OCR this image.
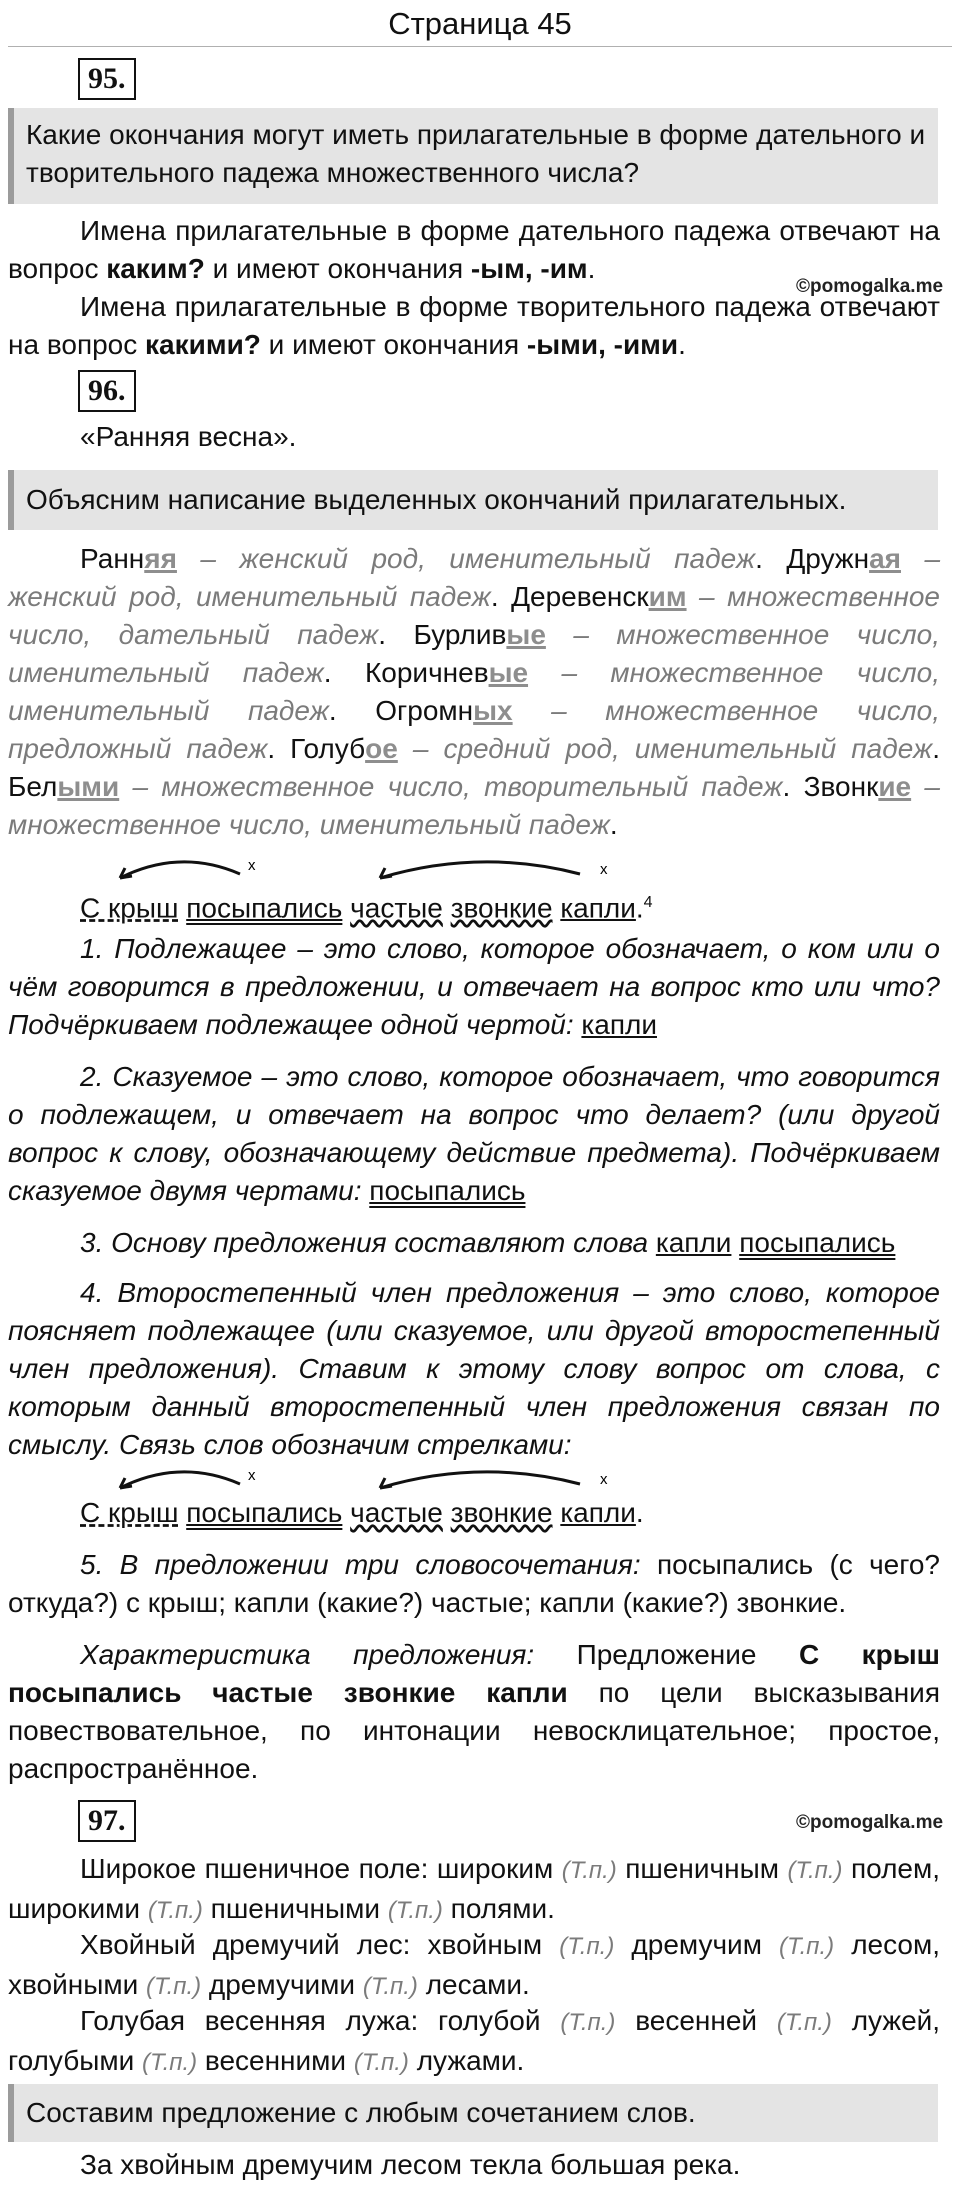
Страница 45
95.
Какие окончания могут иметь прилагательные в форме дательного и творительного падежа множественного числа?
Имена прилагательные в форме дательного падежа отвечают на вопрос каким? и имеют окончания -ым, -им.
©pomogalka.me
Имена прилагательные в форме творительного падежа отвечают на вопрос какими? и имеют окончания -ыми, -ими.
96.
«Ранняя весна».
Объясним написание выделенных окончаний прилагательных.
Ранняя – женский род, именительный падеж. Дружная – женский род, именительный падеж. Деревенским – множественное число, дательный падеж. Бурливые – множественное число, именительный падеж. Коричневые – множественное число, именительный падеж. Огромных – множественное число, предложный падеж. Голубое – средний род, именительный падеж. Белыми – множественное число, творительный падеж. Звонкие – множественное число, именительный падеж.
x	x
С крыш посыпались частые звонкие капли.$^4$
1. Подлежащее – это слово, которое обозначает, о ком или о чём говорится в предложении, и отвечает на вопрос кто или что? Подчёркиваем подлежащее одной чертой: капли
2. Сказуемое – это слово, которое обозначает, что говорится о подлежащем, и отвечает на вопрос что делает? (или другой вопрос к слову, обозначающему действие предмета). Подчёркиваем сказуемое двумя чертами: посыпались
3. Основу предложения составляют слова капли посыпались
4. Второстепенный член предложения – это слово, которое поясняет подлежащее (или сказуемое, или другой второстепенный член предложения). Ставим к этому слову вопрос от слова, с которым данный второстепенный член предложения связан по смыслу. Связь слов обозначим стрелками:
x	x
С крыш посыпались частые звонкие капли.
5. В предложении три словосочетания: посыпались (с чего? откуда?) с крыш; капли (какие?) частые; капли (какие?) звонкие.
Характеристика предложения: Предложение С крыш посыпались частые звонкие капли по цели высказывания повествовательное, по интонации невосклицательное; простое, распространённое.
97.	©pomogalka.me
Широкое пшеничное поле: широким (Т.п.) пшеничным (Т.п.) полем, широкими (Т.п.) пшеничными (Т.п.) полями.
Хвойный дремучий лес: хвойным (Т.п.) дремучим (Т.п.) лесом, хвойными (Т.п.) дремучими (Т.п.) лесами.
Голубая весенняя лужа: голубой (Т.п.) весенней (Т.п.) лужей, голубыми (Т.п.) весенними (Т.п.) лужами.
Составим предложение с любым сочетанием слов.
За хвойным дремучим лесом текла большая река.
